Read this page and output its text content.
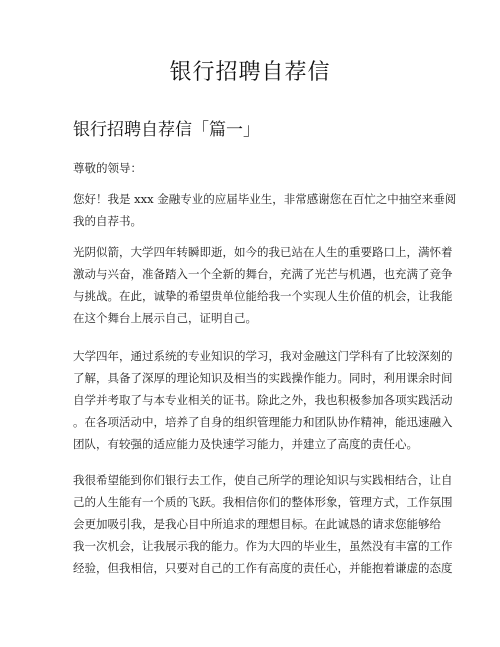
银行招聘自荐信
银行招聘自荐信「篇一」
尊敬的领导：

您好！我是 xxx 金融专业的应届毕业生，非常感谢您在百忙之中抽空来垂阅
我的自荐书。

光阴似箭，大学四年转瞬即逝，如今的我已站在人生的重要路口上，满怀着
激动与兴奋，准备踏入一个全新的舞台，充满了光芒与机遇，也充满了竞争
与挑战。在此，诚挚的希望贵单位能给我一个实现人生价值的机会，让我能
在这个舞台上展示自己，证明自己。

大学四年，通过系统的专业知识的学习，我对金融这门学科有了比较深刻的
了解，具备了深厚的理论知识及相当的实践操作能力。同时，利用课余时间
自学并考取了与本专业相关的证书。除此之外，我也积极参加各项实践活动
。在各项活动中，培养了自身的组织管理能力和团队协作精神，能迅速融入
团队，有较强的适应能力及快速学习能力，并建立了高度的责任心。

我很希望能到你们银行去工作，使自己所学的理论知识与实践相结合，让自
己的人生能有一个质的飞跃。我相信你们的整体形象，管理方式，工作氛围
会更加吸引我，是我心目中所追求的理想目标。在此诚恳的请求您能够给
我一次机会，让我展示我的能力。作为大四的毕业生，虽然没有丰富的工作
经验，但我相信，只要对自己的工作有高度的责任心，并能抱着谦虚的态度
